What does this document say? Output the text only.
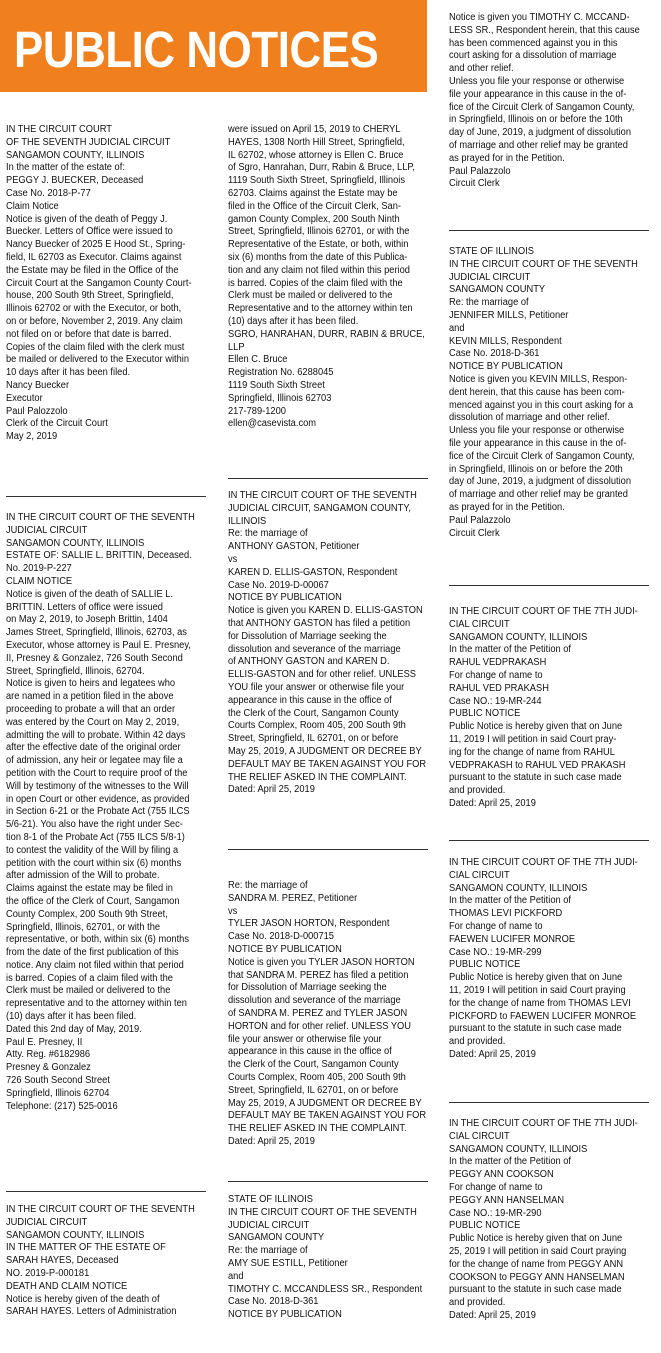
PUBLIC NOTICES
IN THE CIRCUIT COURT
OF THE SEVENTH JUDICIAL CIRCUIT
SANGAMON COUNTY, ILLINOIS
In the matter of the estate of:
PEGGY J. BUECKER, Deceased
Case No. 2018-P-77
Claim Notice
Notice is given of the death of Peggy J.
Buecker. Letters of Office were issued to
Nancy Buecker of 2025 E Hood St., Spring-
field, IL 62703 as Executor. Claims against
the Estate may be filed in the Office of the
Circuit Court at the Sangamon County Court-
house, 200 South 9th Street, Springfield,
Illinois 62702 or with the Executor, or both,
on or before, November 2, 2019. Any claim
not filed on or before that date is barred.
Copies of the claim filed with the clerk must
be mailed or delivered to the Executor within
10 days after it has been filed.
Nancy Buecker
Executor
Paul Palozzolo
Clerk of the Circuit Court
May 2, 2019
IN THE CIRCUIT COURT OF THE SEVENTH
JUDICIAL CIRCUIT
SANGAMON COUNTY, ILLINOIS
ESTATE OF: SALLIE L. BRITTIN, Deceased.
No. 2019-P-227
CLAIM NOTICE
Notice is given of the death of SALLIE L.
BRITTIN. Letters of office were issued
on May 2, 2019, to Joseph Brittin, 1404
James Street, Springfield, Illinois, 62703, as
Executor, whose attorney is Paul E. Presney,
II, Presney & Gonzalez, 726 South Second
Street, Springfield, Illinois, 62704.
Notice is given to heirs and legatees who
are named in a petition filed in the above
proceeding to probate a will that an order
was entered by the Court on May 2, 2019,
admitting the will to probate. Within 42 days
after the effective date of the original order
of admission, any heir or legatee may file a
petition with the Court to require proof of the
Will by testimony of the witnesses to the Will
in open Court or other evidence, as provided
in Section 6-21 or the Probate Act (755 ILCS
5/6-21). You also have the right under Sec-
tion 8-1 of the Probate Act (755 ILCS 5/8-1)
to contest the validity of the Will by filing a
petition with the court within six (6) months
after admission of the Will to probate.
Claims against the estate may be filed in
the office of the Clerk of Court, Sangamon
County Complex, 200 South 9th Street,
Springfield, Illinois, 62701, or with the
representative, or both, within six (6) months
from the date of the first publication of this
notice. Any claim not filed within that period
is barred. Copies of a claim filed with the
Clerk must be mailed or delivered to the
representative and to the attorney within ten
(10) days after it has been filed.
Dated this 2nd day of May, 2019.
Paul E. Presney, II
Atty. Reg. #6182986
Presney & Gonzalez
726 South Second Street
Springfield, Illinois 62704
Telephone: (217) 525-0016
IN THE CIRCUIT COURT OF THE SEVENTH
JUDICIAL CIRCUIT
SANGAMON COUNTY, ILLINOIS
IN THE MATTER OF THE ESTATE OF
SARAH HAYES, Deceased
NO. 2019-P-000181
DEATH AND CLAIM NOTICE
Notice is hereby given of the death of
SARAH HAYES. Letters of Administration
were issued on April 15, 2019 to CHERYL
HAYES, 1308 North Hill Street, Springfield,
IL 62702, whose attorney is Ellen C. Bruce
of Sgro, Hanrahan, Durr, Rabin & Bruce, LLP,
1119 South Sixth Street, Springfield, Illinois
62703. Claims against the Estate may be
filed in the Office of the Circuit Clerk, San-
gamon County Complex, 200 South Ninth
Street, Springfield, Illinois 62701, or with the
Representative of the Estate, or both, within
six (6) months from the date of this Publica-
tion and any claim not filed within this period
is barred. Copies of the claim filed with the
Clerk must be mailed or delivered to the
Representative and to the attorney within ten
(10) days after it has been filed.
SGRO, HANRAHAN, DURR, RABIN & BRUCE,
LLP
Ellen C. Bruce
Registration No. 6288045
1119 South Sixth Street
Springfield, Illinois 62703
217-789-1200
ellen@casevista.com
IN THE CIRCUIT COURT OF THE SEVENTH
JUDICIAL CIRCUIT, SANGAMON COUNTY,
ILLINOIS
Re: the marriage of
ANTHONY GASTON, Petitioner
vs
KAREN D. ELLIS-GASTON, Respondent
Case No. 2019-D-00067
NOTICE BY PUBLICATION
Notice is given you KAREN D. ELLIS-GASTON
that ANTHONY GASTON has filed a petition
for Dissolution of Marriage seeking the
dissolution and severance of the marriage
of ANTHONY GASTON and KAREN D.
ELLIS-GASTON and for other relief. UNLESS
YOU file your answer or otherwise file your
appearance in this cause in the office of
the Clerk of the Court, Sangamon County
Courts Complex, Room 405, 200 South 9th
Street, Springfield, IL 62701, on or before
May 25, 2019, A JUDGMENT OR DECREE BY
DEFAULT MAY BE TAKEN AGAINST YOU FOR
THE RELIEF ASKED IN THE COMPLAINT.
Dated: April 25, 2019
Re: the marriage of
SANDRA M. PEREZ, Petitioner
vs
TYLER JASON HORTON, Respondent
Case No. 2018-D-000715
NOTICE BY PUBLICATION
Notice is given you TYLER JASON HORTON
that SANDRA M. PEREZ has filed a petition
for Dissolution of Marriage seeking the
dissolution and severance of the marriage
of SANDRA M. PEREZ and TYLER JASON
HORTON and for other relief. UNLESS YOU
file your answer or otherwise file your
appearance in this cause in the office of
the Clerk of the Court, Sangamon County
Courts Complex, Room 405, 200 South 9th
Street, Springfield, IL 62701, on or before
May 25, 2019, A JUDGMENT OR DECREE BY
DEFAULT MAY BE TAKEN AGAINST YOU FOR
THE RELIEF ASKED IN THE COMPLAINT.
Dated: April 25, 2019
STATE OF ILLINOIS
IN THE CIRCUIT COURT OF THE SEVENTH
JUDICIAL CIRCUIT
SANGAMON COUNTY
Re: the marriage of
AMY SUE ESTILL, Petitioner
and
TIMOTHY C. MCCANDLESS SR., Respondent
Case No. 2018-D-361
NOTICE BY PUBLICATION
Notice is given you TIMOTHY C. MCCAND-
LESS SR., Respondent herein, that this cause
has been commenced against you in this
court asking for a dissolution of marriage
and other relief.
Unless you file your response or otherwise
file your appearance in this cause in the of-
fice of the Circuit Clerk of Sangamon County,
in Springfield, Illinois on or before the 10th
day of June, 2019, a judgment of dissolution
of marriage and other relief may be granted
as prayed for in the Petition.
Paul Palazzolo
Circuit Clerk
STATE OF ILLINOIS
IN THE CIRCUIT COURT OF THE SEVENTH
JUDICIAL CIRCUIT
SANGAMON COUNTY
Re: the marriage of
JENNIFER MILLS, Petitioner
and
KEVIN MILLS, Respondent
Case No. 2018-D-361
NOTICE BY PUBLICATION
Notice is given you KEVIN MILLS, Respon-
dent herein, that this cause has been com-
menced against you in this court asking for a
dissolution of marriage and other relief.
Unless you file your response or otherwise
file your appearance in this cause in the of-
fice of the Circuit Clerk of Sangamon County,
in Springfield, Illinois on or before the 20th
day of June, 2019, a judgment of dissolution
of marriage and other relief may be granted
as prayed for in the Petition.
Paul Palazzolo
Circuit Clerk
IN THE CIRCUIT COURT OF THE 7TH JUDI-
CIAL CIRCUIT
SANGAMON COUNTY, ILLINOIS
In the matter of the Petition of
RAHUL VEDPRAKASH
For change of name to
RAHUL VED PRAKASH
Case NO.: 19-MR-244
PUBLIC NOTICE
Public Notice is hereby given that on June
11, 2019 I will petition in said Court pray-
ing for the change of name from RAHUL
VEDPRAKASH to RAHUL VED PRAKASH
pursuant to the statute in such case made
and provided.
Dated: April 25, 2019
IN THE CIRCUIT COURT OF THE 7TH JUDI-
CIAL CIRCUIT
SANGAMON COUNTY, ILLINOIS
In the matter of the Petition of
THOMAS LEVI PICKFORD
For change of name to
FAEWEN LUCIFER MONROE
Case NO.: 19-MR-299
PUBLIC NOTICE
Public Notice is hereby given that on June
11, 2019 I will petition in said Court praying
for the change of name from THOMAS LEVI
PICKFORD to FAEWEN LUCIFER MONROE
pursuant to the statute in such case made
and provided.
Dated: April 25, 2019
IN THE CIRCUIT COURT OF THE 7TH JUDI-
CIAL CIRCUIT
SANGAMON COUNTY, ILLINOIS
In the matter of the Petition of
PEGGY ANN COOKSON
For change of name to
PEGGY ANN HANSELMAN
Case NO.: 19-MR-290
PUBLIC NOTICE
Public Notice is hereby given that on June
25, 2019 I will petition in said Court praying
for the change of name from PEGGY ANN
COOKSON to PEGGY ANN HANSELMAN
pursuant to the statute in such case made
and provided.
Dated: April 25, 2019
